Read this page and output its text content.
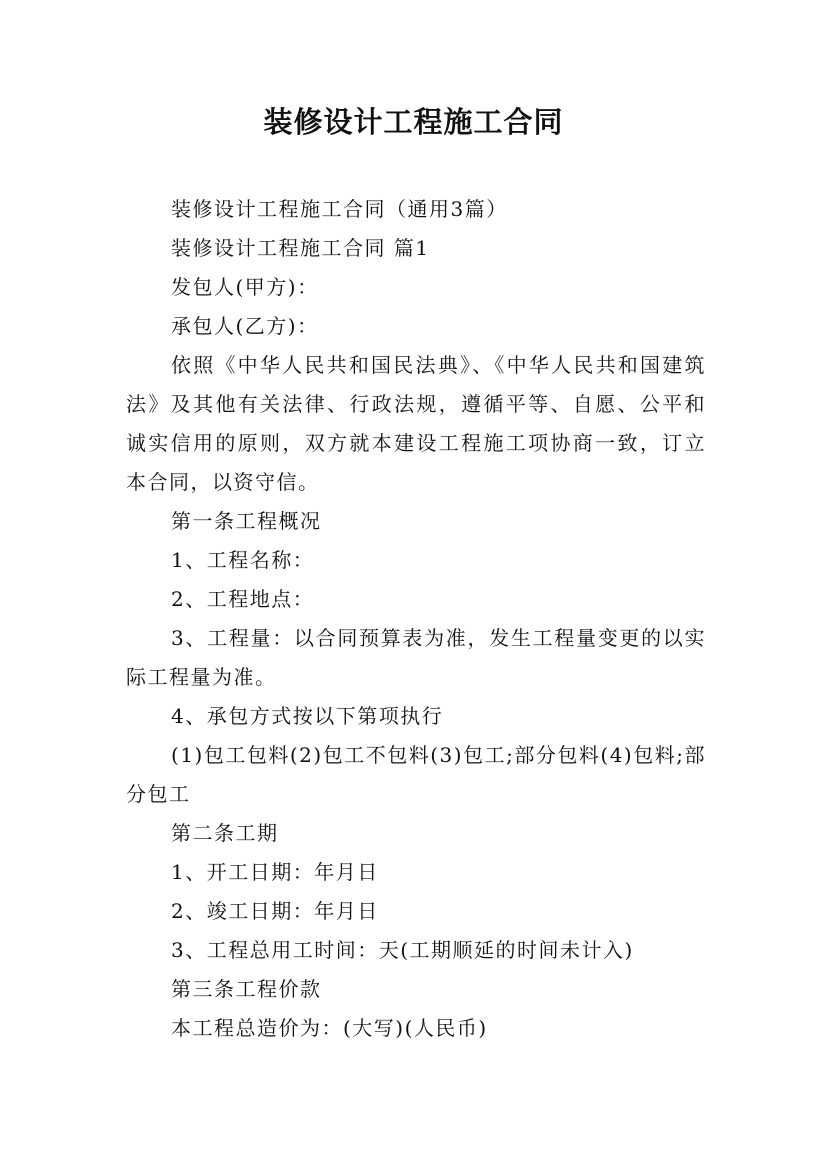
装修设计工程施工合同

装修设计工程施工合同（通用3篇）

装修设计工程施工合同 篇1

发包人(甲方)：

承包人(乙方)：

依照《中华人民共和国民法典》、《中华人民共和国建筑法》及其他有关法律、行政法规，遵循平等、自愿、公平和诚实信用的原则，双方就本建设工程施工项协商一致，订立本合同，以资守信。

第一条工程概况

1、工程名称：

2、工程地点：

3、工程量：以合同预算表为准，发生工程量变更的以实际工程量为准。

4、承包方式按以下第项执行

(1)包工包料(2)包工不包料(3)包工;部分包料(4)包料;部分包工

第二条工期

1、开工日期：年月日

2、竣工日期：年月日

3、工程总用工时间：天(工期顺延的时间未计入)

第三条工程价款

本工程总造价为：(大写)(人民币)
